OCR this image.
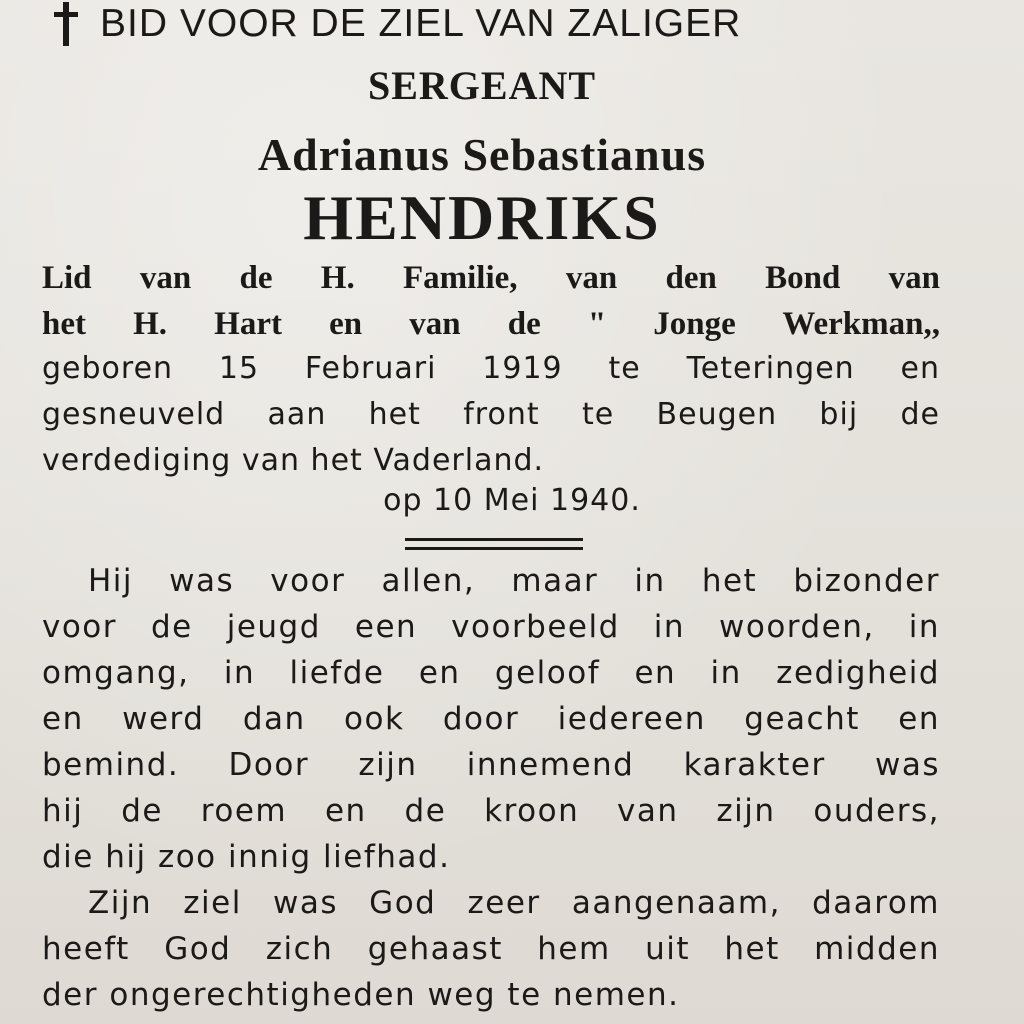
BID VOOR DE ZIEL VAN ZALIGER
SERGEANT
Adrianus Sebastianus
HENDRIKS
Lid van de H. Familie, van den Bond van
het H. Hart en van de " Jonge Werkman,,
geboren 15 Februari 1919 te Teteringen en
gesneuveld aan het front te Beugen bij de
verdediging van het Vaderland.
op 10 Mei 1940.
Hij was voor allen, maar in het bizonder
voor de jeugd een voorbeeld in woorden, in
omgang, in liefde en geloof en in zedigheid
en werd dan ook door iedereen geacht en
bemind. Door zijn innemend karakter was
hij de roem en de kroon van zijn ouders,
die hij zoo innig liefhad.
Zijn ziel was God zeer aangenaam, daarom
heeft God zich gehaast hem uit het midden
der ongerechtigheden weg te nemen.
